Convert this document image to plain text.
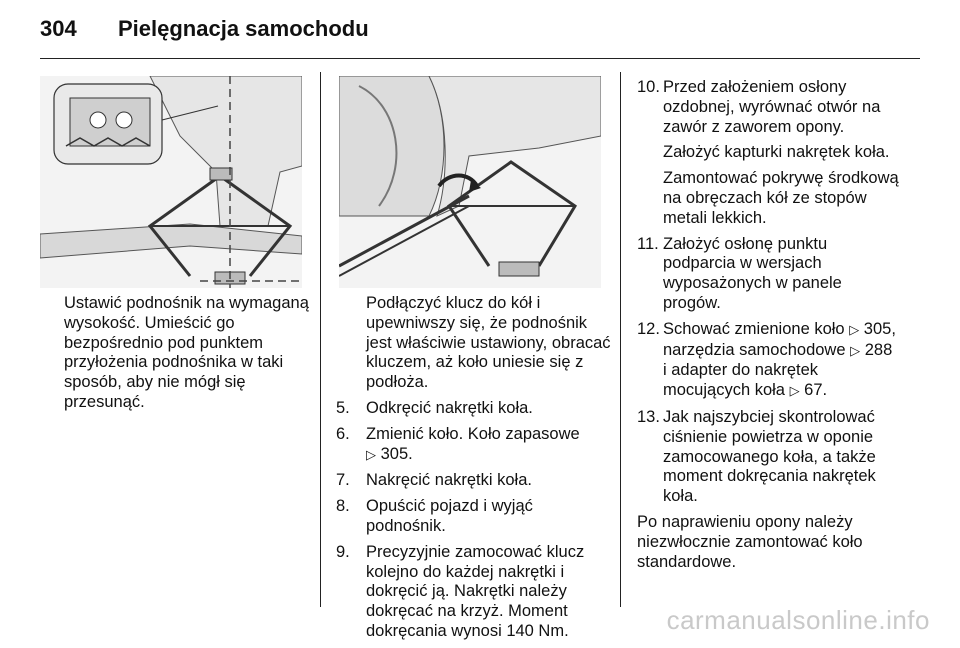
304 Pielęgnacja samochodu
Ustawić podnośnik na wymaganą wysokość. Umieścić go bezpośrednio pod punktem przyłożenia podnośnika w taki sposób, aby nie mógł się przesunąć.
Podłączyć klucz do kół i upewniwszy się, że podnośnik jest właściwie ustawiony, obracać kluczem, aż koło uniesie się z podłoża.
5. Odkręcić nakrętki koła.
6. Zmienić koło. Koło zapasowe
▷ 305.
7. Nakręcić nakrętki koła.
8. Opuścić pojazd i wyjąć podnośnik.
9. Precyzyjnie zamocować klucz kolejno do każdej nakrętki i dokręcić ją. Nakrętki należy dokręcać na krzyż. Moment dokręcania wynosi 140 Nm.
10. Przed założeniem osłony ozdobnej, wyrównać otwór na zawór z zaworem opony.
Założyć kapturki nakrętek koła.
Zamontować pokrywę środkową na obręczach kół ze stopów metali lekkich.
11. Założyć osłonę punktu podparcia w wersjach wyposażonych w panele progów.
12. Schować zmienione koło ▷ 305, narzędzia samochodowe ▷ 288 i adapter do nakrętek mocujących koła ▷ 67.
13. Jak najszybciej skontrolować ciśnienie powietrza w oponie zamocowanego koła, a także moment dokręcania nakrętek koła.
Po naprawieniu opony należy niezwłocznie zamontować koło standardowe.
carmanualsonline.info
